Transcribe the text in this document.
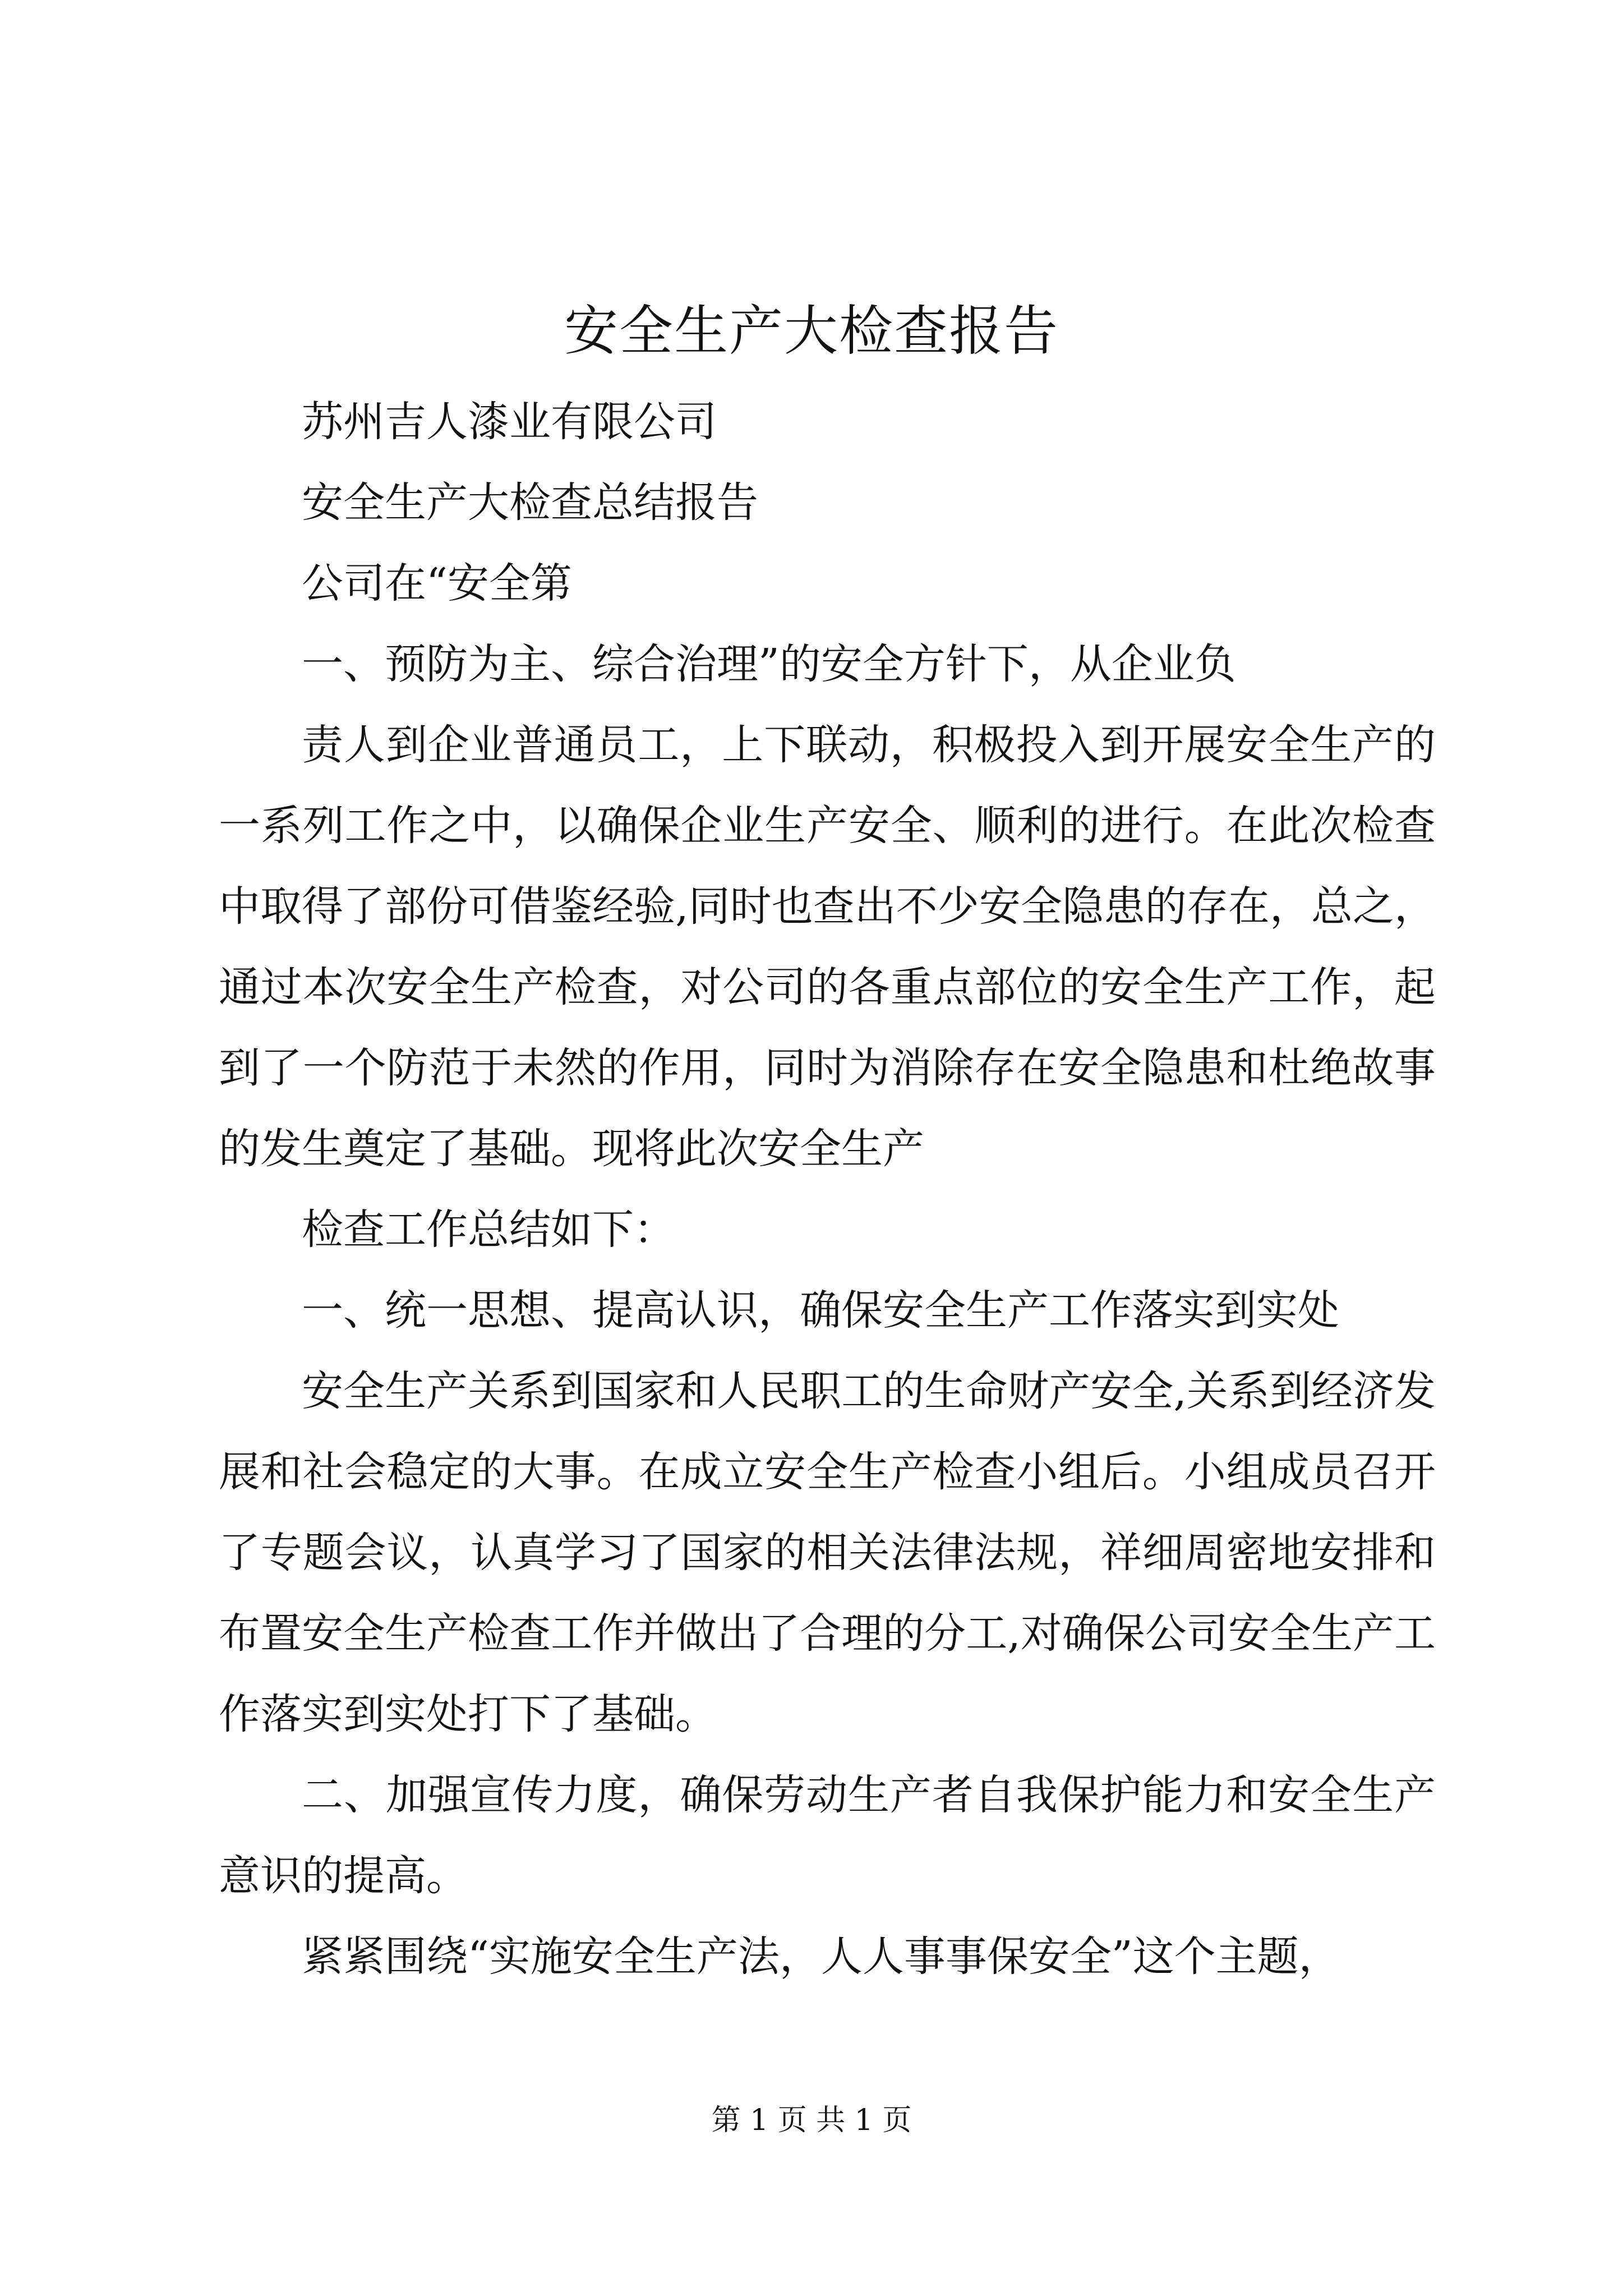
安全生产大检查报告

苏州吉人漆业有限公司

安全生产大检查总结报告

公司在“安全第

一、预防为主、综合治理”的安全方针下，从企业负

责人到企业普通员工，上下联动，积极投入到开展安全生产的一系列工作之中，以确保企业生产安全、顺利的进行。在此次检查中取得了部份可借鉴经验,同时也查出不少安全隐患的存在，总之，通过本次安全生产检查，对公司的各重点部位的安全生产工作，起到了一个防范于未然的作用，同时为消除存在安全隐患和杜绝故事的发生奠定了基础。现将此次安全生产

检查工作总结如下：

一、统一思想、提高认识，确保安全生产工作落实到实处

安全生产关系到国家和人民职工的生命财产安全,关系到经济发展和社会稳定的大事。在成立安全生产检查小组后。小组成员召开了专题会议，认真学习了国家的相关法律法规，祥细周密地安排和布置安全生产检查工作并做出了合理的分工,对确保公司安全生产工作落实到实处打下了基础。

二、加强宣传力度，确保劳动生产者自我保护能力和安全生产意识的提高。

紧紧围绕“实施安全生产法，人人事事保安全”这个主题，

第 1 页 共 1 页
